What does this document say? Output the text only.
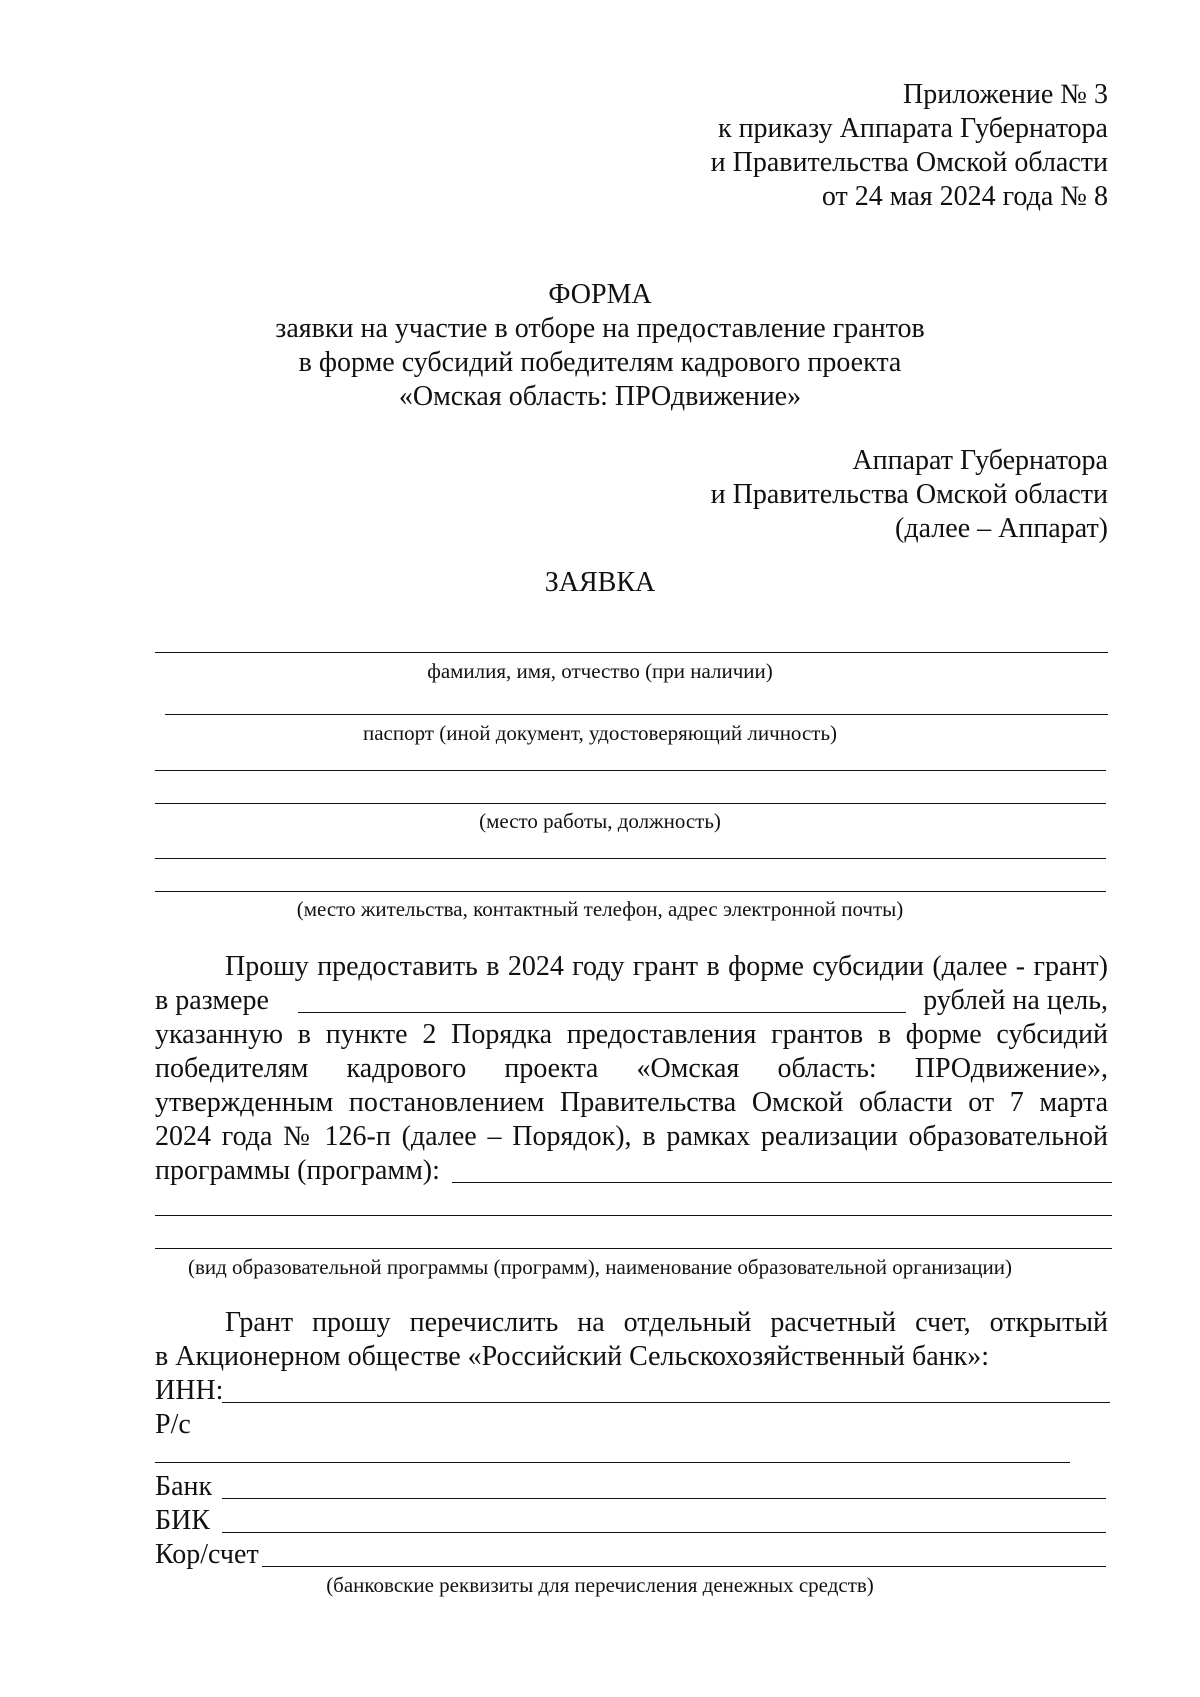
Приложение № 3
к приказу Аппарата Губернатора
и Правительства Омской области
от 24 мая 2024 года № 8
ФОРМА
заявки на участие в отборе на предоставление грантов
в форме субсидий победителям кадрового проекта
«Омская область: ПРОдвижение»
Аппарат Губернатора
и Правительства Омской области
(далее – Аппарат)
ЗАЯВКА
фамилия, имя, отчество (при наличии)
паспорт (иной документ, удостоверяющий личность)
(место работы, должность)
(место жительства, контактный телефон, адрес электронной почты)
Прошу предоставить в 2024 году грант в форме субсидии (далее - грант)
в размере	рублей на цель,
указанную в пункте 2 Порядка предоставления грантов в форме субсидий
победителям кадрового проекта «Омская область: ПРОдвижение»,
утвержденным постановлением Правительства Омской области от 7 марта
2024 года № 126-п (далее – Порядок), в рамках реализации образовательной
программы (программ):
(вид образовательной программы (программ), наименование образовательной организации)
Грант прошу перечислить на отдельный расчетный счет, открытый
в Акционерном обществе «Российский Сельскохозяйственный банк»:
ИНН:
Р/с
Банк
БИК
Кор/счет
(банковские реквизиты для перечисления денежных средств)
